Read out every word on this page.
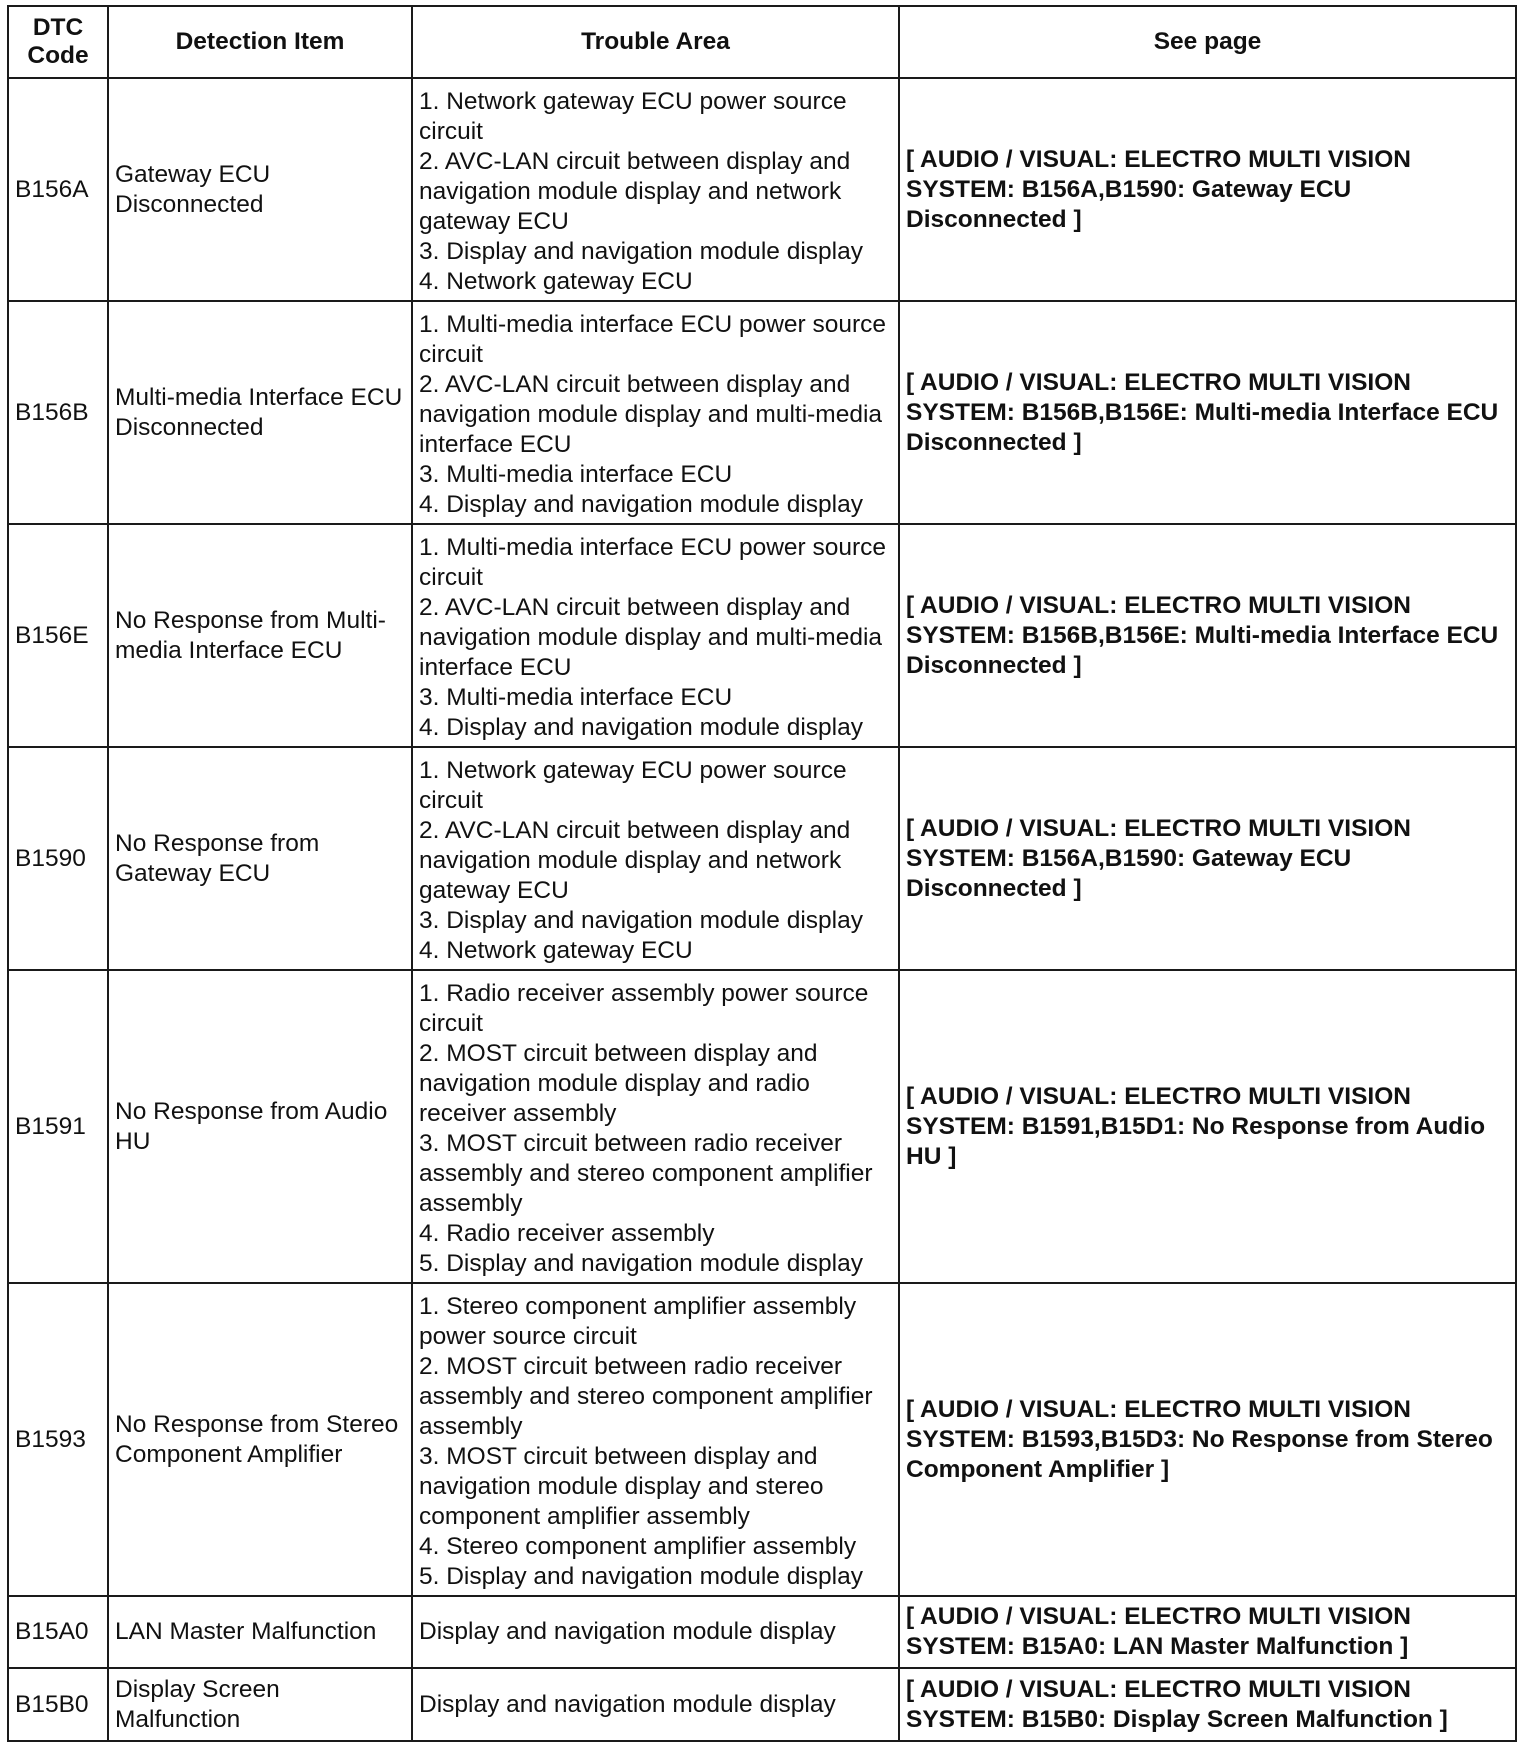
DTC
Code	Detection Item	Trouble Area	See page
B156A	Gateway ECU Disconnected	1. Network gateway ECU power source circuit
2. AVC-LAN circuit between display and navigation module display and network gateway ECU
3. Display and navigation module display
4. Network gateway ECU	[ AUDIO / VISUAL: ELECTRO MULTI VISION SYSTEM: B156A,B1590: Gateway ECU Disconnected ]
B156B	Multi-media Interface ECU Disconnected	1. Multi-media interface ECU power source circuit
2. AVC-LAN circuit between display and navigation module display and multi-media interface ECU
3. Multi-media interface ECU
4. Display and navigation module display	[ AUDIO / VISUAL: ELECTRO MULTI VISION SYSTEM: B156B,B156E: Multi-media Interface ECU Disconnected ]
B156E	No Response from Multi-media Interface ECU	1. Multi-media interface ECU power source circuit
2. AVC-LAN circuit between display and navigation module display and multi-media interface ECU
3. Multi-media interface ECU
4. Display and navigation module display	[ AUDIO / VISUAL: ELECTRO MULTI VISION SYSTEM: B156B,B156E: Multi-media Interface ECU Disconnected ]
B1590	No Response from Gateway ECU	1. Network gateway ECU power source circuit
2. AVC-LAN circuit between display and navigation module display and network gateway ECU
3. Display and navigation module display
4. Network gateway ECU	[ AUDIO / VISUAL: ELECTRO MULTI VISION SYSTEM: B156A,B1590: Gateway ECU Disconnected ]
B1591	No Response from Audio HU	1. Radio receiver assembly power source circuit
2. MOST circuit between display and navigation module display and radio receiver assembly
3. MOST circuit between radio receiver assembly and stereo component amplifier assembly
4. Radio receiver assembly
5. Display and navigation module display	[ AUDIO / VISUAL: ELECTRO MULTI VISION SYSTEM: B1591,B15D1: No Response from Audio HU ]
B1593	No Response from Stereo Component Amplifier	1. Stereo component amplifier assembly power source circuit
2. MOST circuit between radio receiver assembly and stereo component amplifier assembly
3. MOST circuit between display and navigation module display and stereo component amplifier assembly
4. Stereo component amplifier assembly
5. Display and navigation module display	[ AUDIO / VISUAL: ELECTRO MULTI VISION SYSTEM: B1593,B15D3: No Response from Stereo Component Amplifier ]
B15A0	LAN Master Malfunction	Display and navigation module display	[ AUDIO / VISUAL: ELECTRO MULTI VISION SYSTEM: B15A0: LAN Master Malfunction ]
B15B0	Display Screen Malfunction	Display and navigation module display	[ AUDIO / VISUAL: ELECTRO MULTI VISION SYSTEM: B15B0: Display Screen Malfunction ]
